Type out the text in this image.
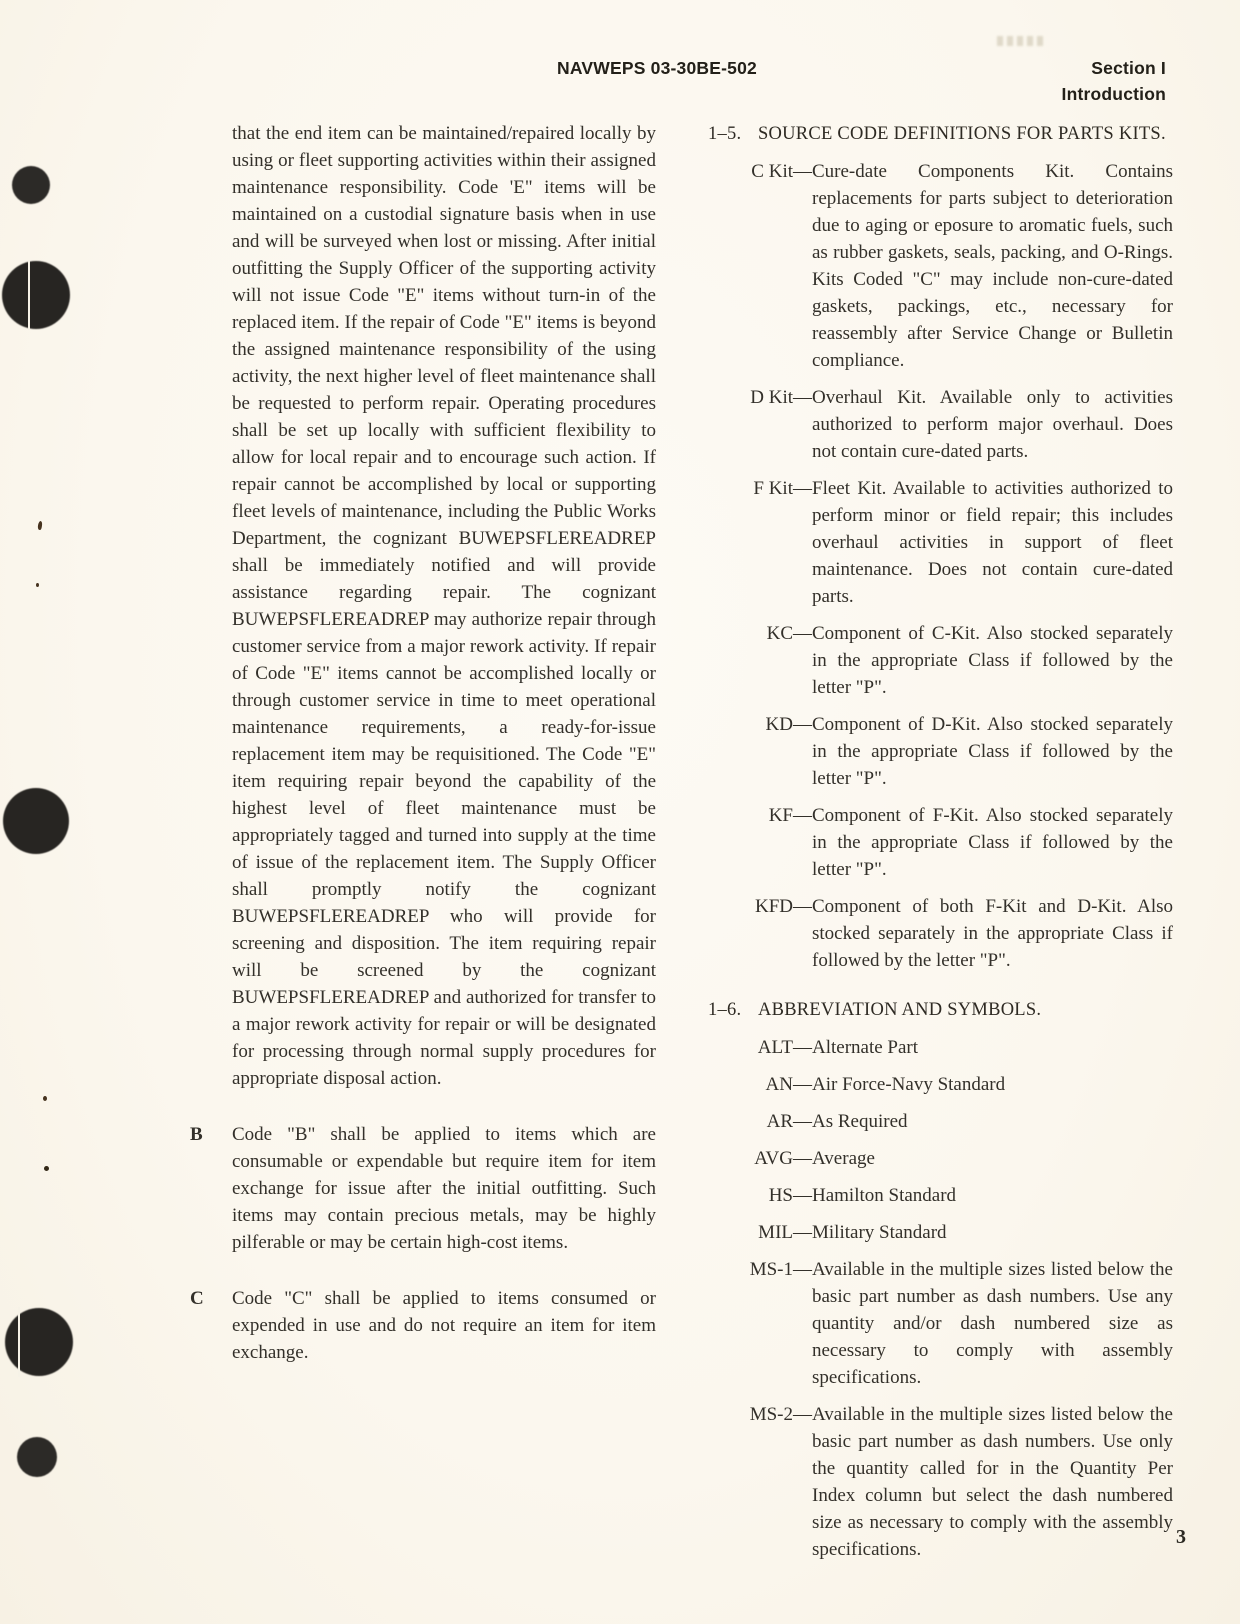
NAVWEPS 03-30BE-502	Section I
Introduction

that the end item can be maintained/repaired locally by using or fleet supporting activities within their assigned maintenance responsibility. Code 'E" items will be maintained on a custodial signature basis when in use and will be surveyed when lost or missing. After initial outfitting the Supply Officer of the supporting activity will not issue Code "E" items without turn-in of the replaced item. If the repair of Code "E" items is beyond the assigned maintenance responsibility of the using activity, the next higher level of fleet maintenance shall be requested to perform repair. Operating procedures shall be set up locally with sufficient flexibility to allow for local repair and to encourage such action. If repair cannot be accomplished by local or supporting fleet levels of maintenance, including the Public Works Department, the cognizant BUWEPSFLEREADREP shall be immediately notified and will provide assistance regarding repair. The cognizant BUWEPSFLEREADREP may authorize repair through customer service from a major rework activity. If repair of Code "E" items cannot be accomplished locally or through customer service in time to meet operational maintenance requirements, a ready-for-issue replacement item may be requisitioned. The Code "E" item requiring repair beyond the capability of the highest level of fleet maintenance must be appropriately tagged and turned into supply at the time of issue of the replacement item. The Supply Officer shall promptly notify the cognizant BUWEPSFLEREADREP who will provide for screening and disposition. The item requiring repair will be screened by the cognizant BUWEPSFLEREADREP and authorized for transfer to a major rework activity for repair or will be designated for processing through normal supply procedures for appropriate disposal action.

B	Code "B" shall be applied to items which are consumable or expendable but require item for item exchange for issue after the initial outfitting. Such items may contain precious metals, may be highly pilferable or may be certain high-cost items.
C	Code "C" shall be applied to items consumed or expended in use and do not require an item for item exchange.
1–5. SOURCE CODE DEFINITIONS FOR PARTS KITS.
C Kit — Cure-date Components Kit. Contains replacements for parts subject to deterioration due to aging or eposure to aromatic fuels, such as rubber gaskets, seals, packing, and O-Rings. Kits Coded "C" may include non-cure-dated gaskets, packings, etc., necessary for reassembly after Service Change or Bulletin compliance.
D Kit — Overhaul Kit. Available only to activities authorized to perform major overhaul. Does not contain cure-dated parts.
F Kit — Fleet Kit. Available to activities authorized to perform minor or field repair; this includes overhaul activities in support of fleet maintenance. Does not contain cure-dated parts.
KC — Component of C-Kit. Also stocked separately in the appropriate Class if followed by the letter "P".
KD — Component of D-Kit. Also stocked separately in the appropriate Class if followed by the letter "P".
KF — Component of F-Kit. Also stocked separately in the appropriate Class if followed by the letter "P".
KFD — Component of both F-Kit and D-Kit. Also stocked separately in the appropriate Class if followed by the letter "P".
1–6. ABBREVIATION AND SYMBOLS.
ALT — Alternate Part
AN — Air Force-Navy Standard
AR — As Required
AVG — Average
HS — Hamilton Standard
MIL — Military Standard
MS-1 — Available in the multiple sizes listed below the basic part number as dash numbers. Use any quantity and/or dash numbered size as necessary to comply with assembly specifications.
MS-2 — Available in the multiple sizes listed below the basic part number as dash numbers. Use only the quantity called for in the Quantity Per Index column but select the dash numbered size as necessary to comply with the assembly specifications.
3
